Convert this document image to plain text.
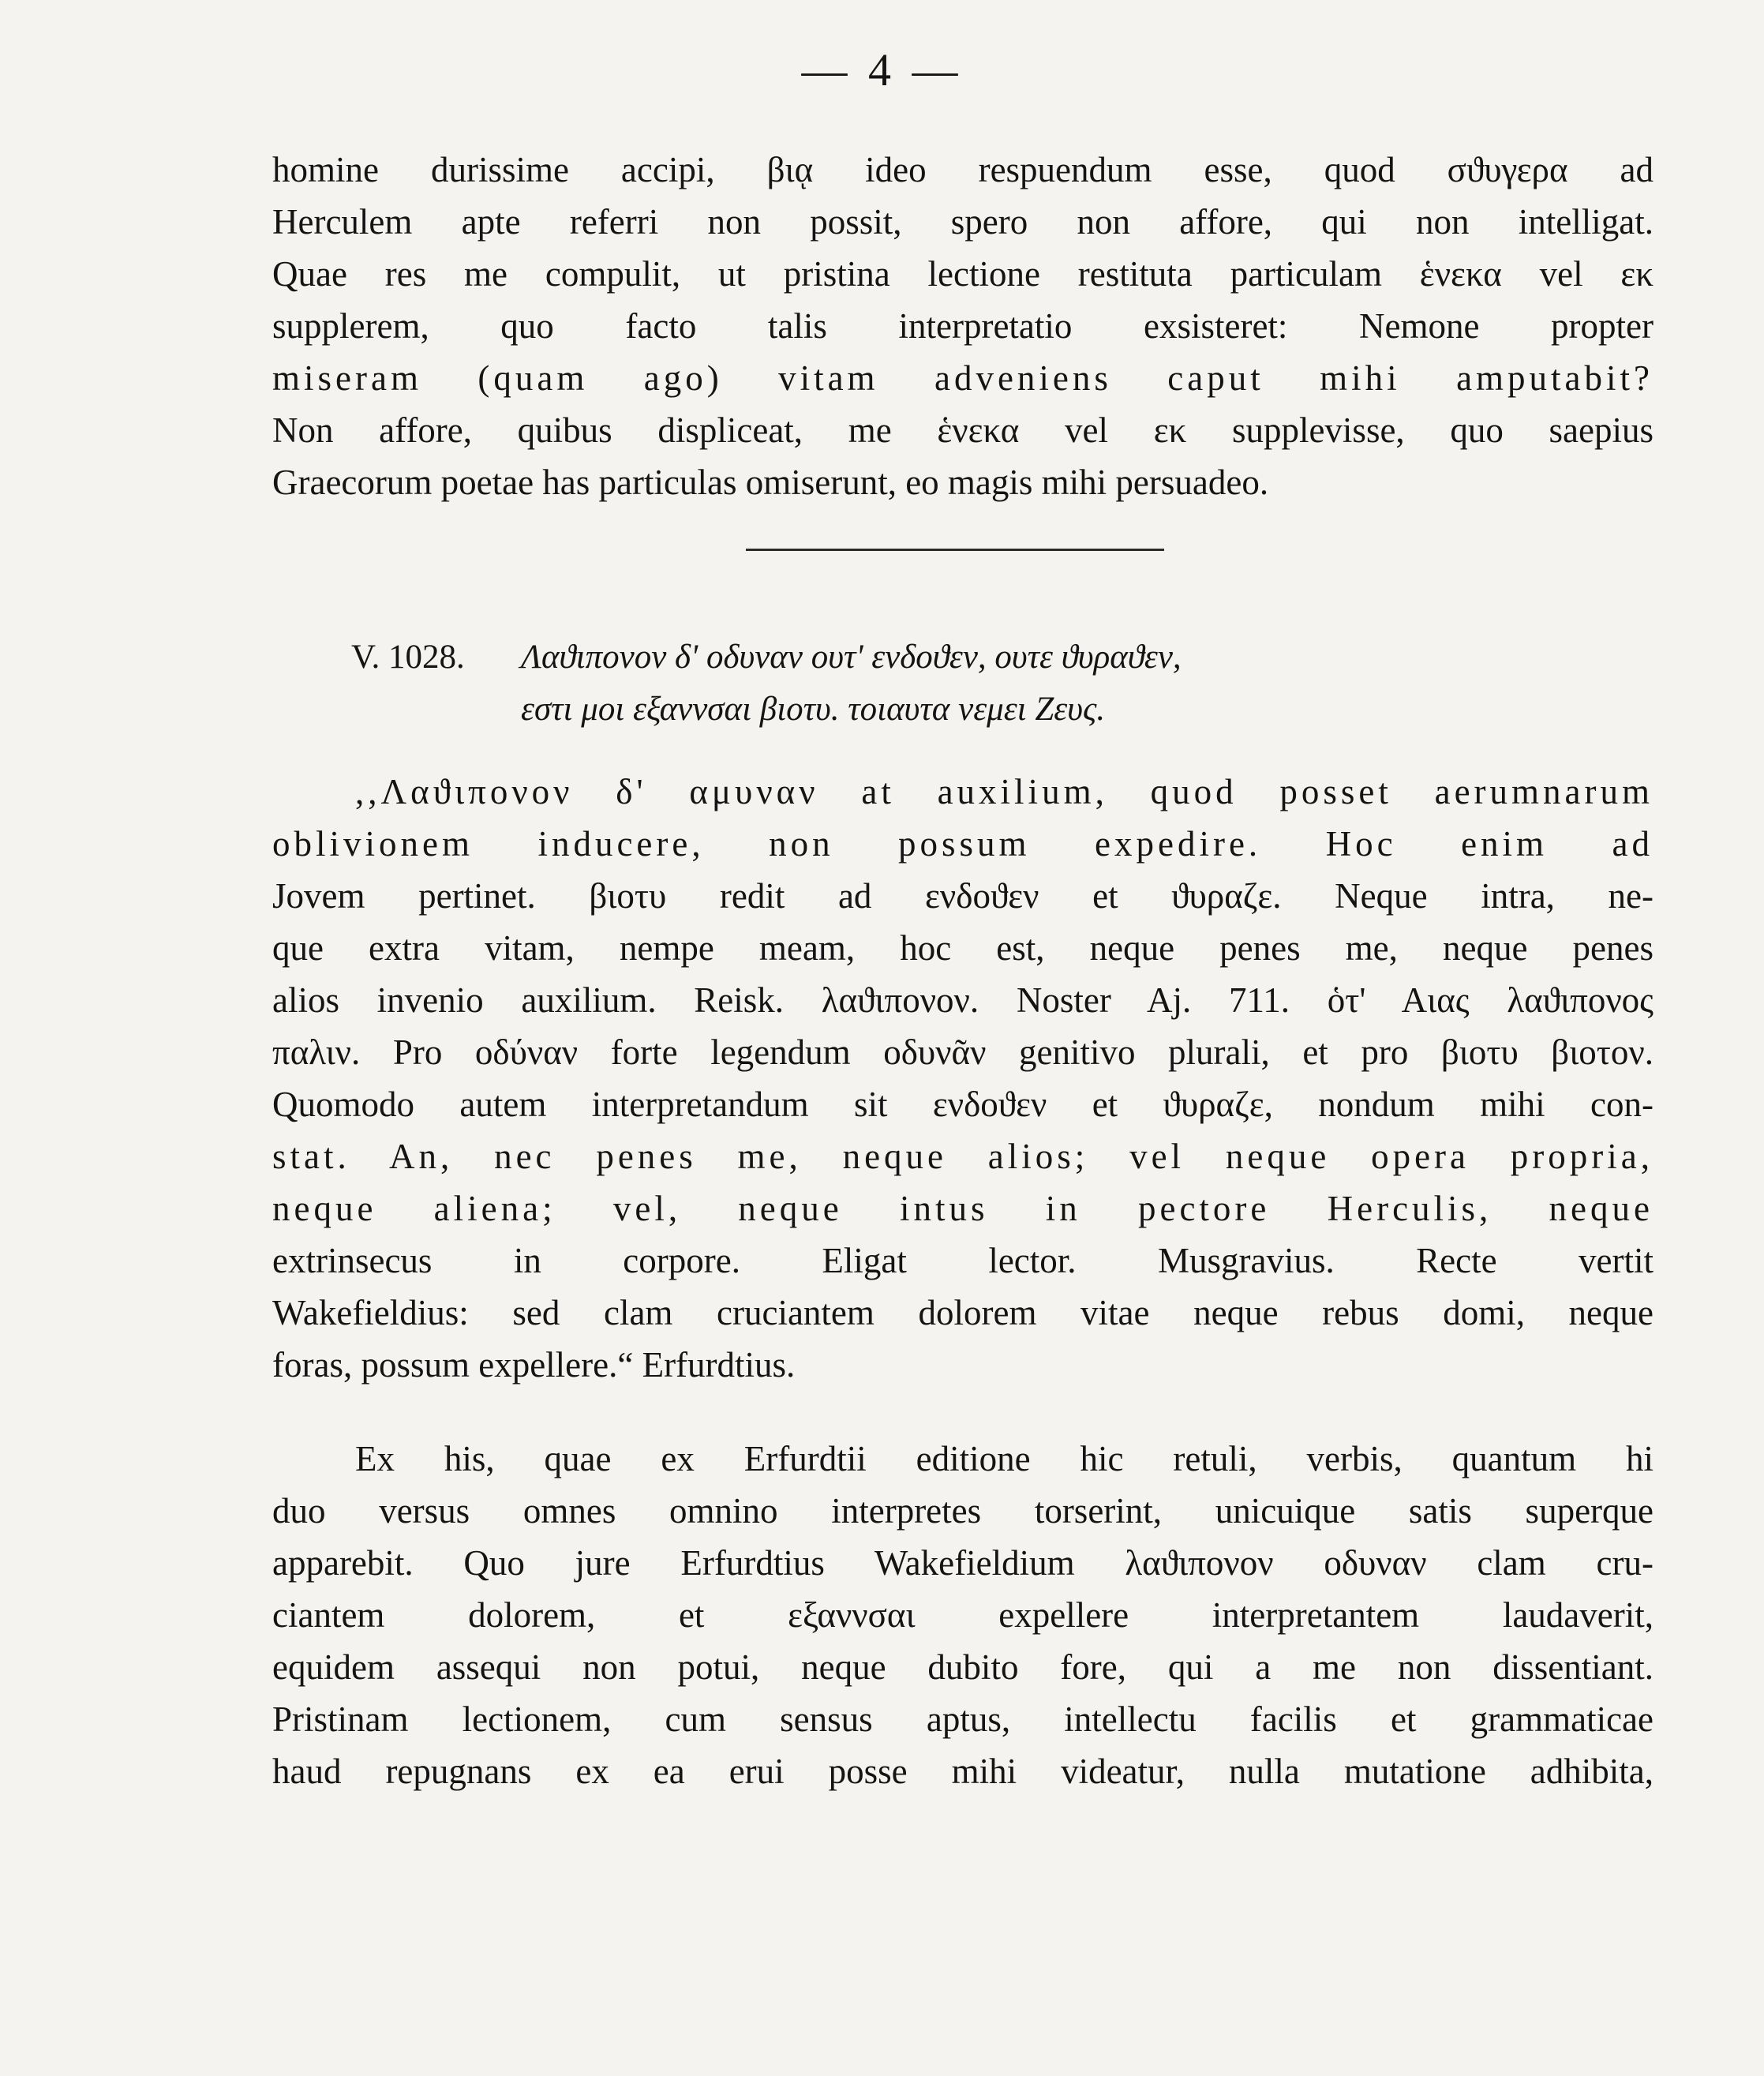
— 4 —
homine durissime accipi, βιᾳ ideo respuendum esse, quod σϑυγερα ad
Herculem apte referri non possit, spero non affore, qui non intelligat.
Quae res me compulit, ut pristina lectione restituta particulam ἑνεκα vel εκ
supplerem, quo facto talis interpretatio exsisteret: Nemone propter
miseram (quam ago) vitam adveniens caput mihi amputabit?
Non affore, quibus displiceat, me ἑνεκα vel εκ supplevisse, quo saepius
Graecorum poetae has particulas omiserunt, eo magis mihi persuadeo.
V. 1028. Λαϑιπονον δ' οδυναν ουτ' ενδοϑεν, ουτε ϑυραϑεν,
εστι μοι εξαννσαι βιοτυ. τοιαυτα νεμει Ζευς.
,,Λαϑιπονον δ' αμυναν at auxilium, quod posset aerumnarum
oblivionem inducere, non possum expedire. Hoc enim ad
Jovem pertinet. βιοτυ redit ad ενδοϑεν et ϑυραζε. Neque intra, ne-
que extra vitam, nempe meam, hoc est, neque penes me, neque penes
alios invenio auxilium. Reisk. λαϑιπονον. Noster Aj. 711. ὁτ' Αιας λαϑιπονος
παλιν. Pro οδύναν forte legendum οδυνᾶν genitivo plurali, et pro βιοτυ βιοτον.
Quomodo autem interpretandum sit ενδοϑεν et ϑυραζε, nondum mihi con-
stat. An, nec penes me, neque alios; vel neque opera propria,
neque aliena; vel, neque intus in pectore Herculis, neque
extrinsecus in corpore. Eligat lector. Musgravius. Recte vertit
Wakefieldius: sed clam cruciantem dolorem vitae neque rebus domi, neque
foras, possum expellere.“ Erfurdtius.
Ex his, quae ex Erfurdtii editione hic retuli, verbis, quantum hi
duo versus omnes omnino interpretes torserint, unicuique satis superque
apparebit. Quo jure Erfurdtius Wakefieldium λαϑιπονον οδυναν clam cru-
ciantem dolorem, et εξαννσαι expellere interpretantem laudaverit,
equidem assequi non potui, neque dubito fore, qui a me non dissentiant.
Pristinam lectionem, cum sensus aptus, intellectu facilis et grammaticae
haud repugnans ex ea erui posse mihi videatur, nulla mutatione adhibita,
